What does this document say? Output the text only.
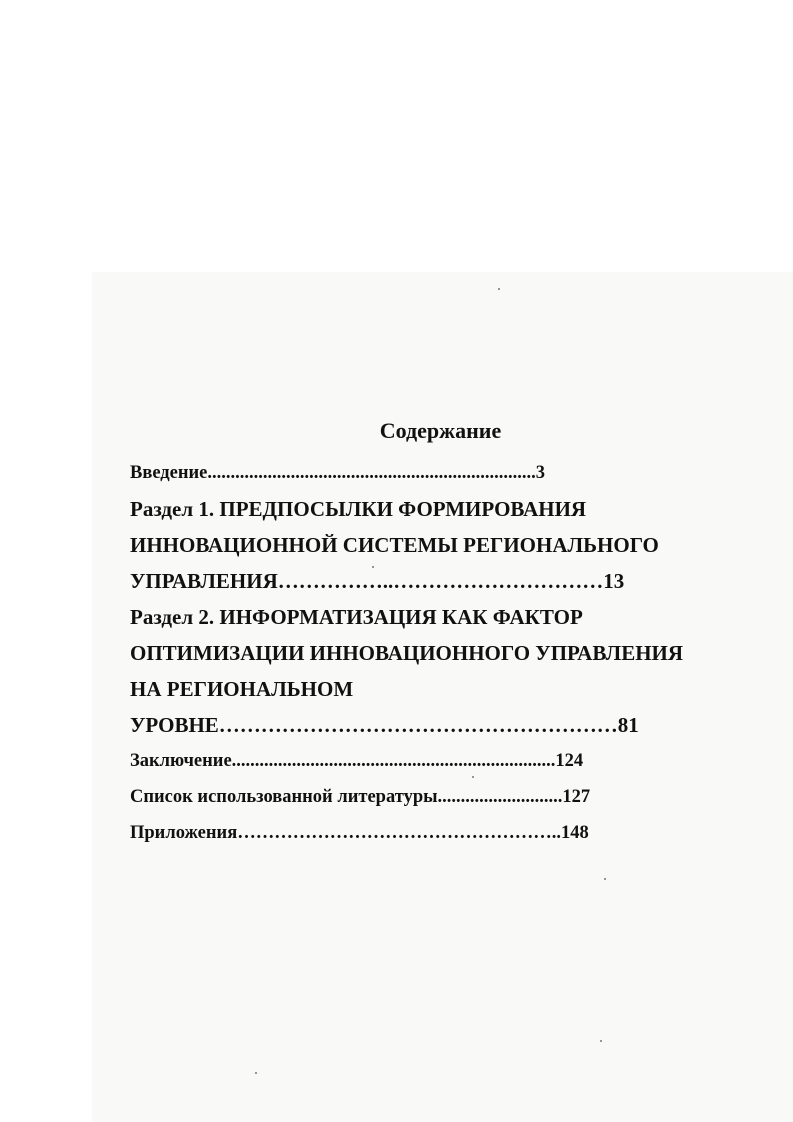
Содержание

Введение.......................................................................3

Раздел 1. ПРЕДПОСЫЛКИ ФОРМИРОВАНИЯ

ИННОВАЦИОННОЙ СИСТЕМЫ РЕГИОНАЛЬНОГО

УПРАВЛЕНИЯ……………..…………………………13

Раздел 2. ИНФОРМАТИЗАЦИЯ КАК ФАКТОР

ОПТИМИЗАЦИИ ИННОВАЦИОННОГО УПРАВЛЕНИЯ

НА РЕГИОНАЛЬНОМ

УРОВНЕ…………………………………………………81

Заключение......................................................................124

Список использованной литературы...........................127

Приложения……………………………………………..148
